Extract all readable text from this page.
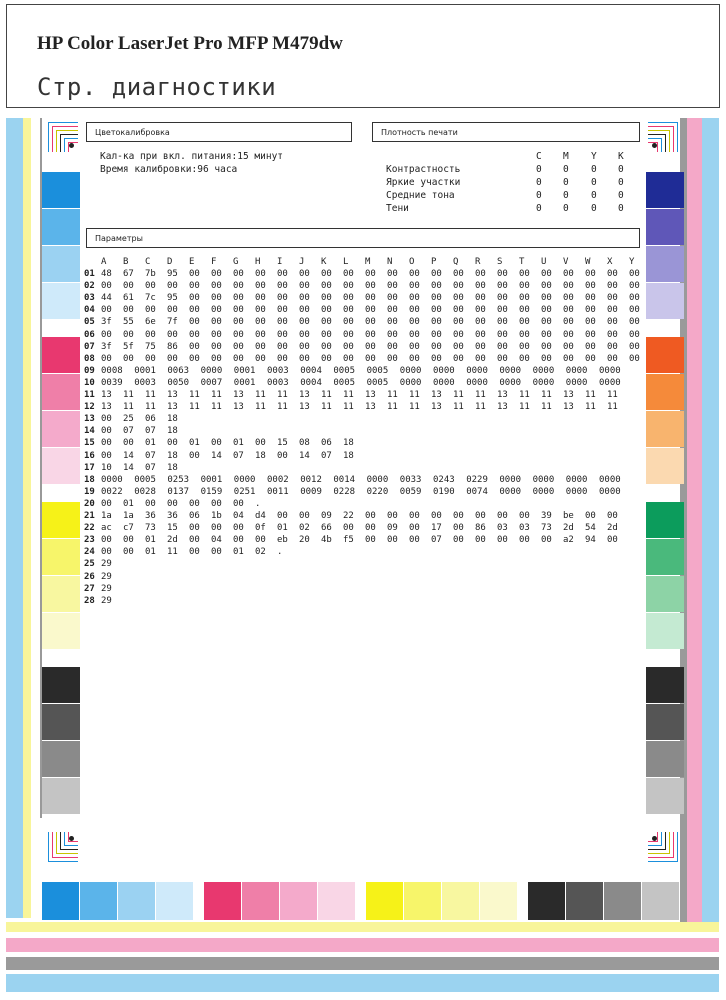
HP Color LaserJet Pro MFP M479dw
Стр. диагностики
Цветокалибровка	Плотность печати
Параметры
Кал-ка при вкл. питания:15 минут
Время калибровки:96 часа
C M Y K
Контрастность	0 0 0 0
Яркие участки	0 0 0 0
Средние тона	0 0 0 0
Тени	0 0 0 0
A B C D E F G H I J K L M N O P Q R S T U V W X Y
01 48 67 7b 95 00 00 00 00 00 00 00 00 00 00 00 00 00 00 00 00 00 00 00 00 00
02 00 00 00 00 00 00 00 00 00 00 00 00 00 00 00 00 00 00 00 00 00 00 00 00 00
03 44 61 7c 95 00 00 00 00 00 00 00 00 00 00 00 00 00 00 00 00 00 00 00 00 00
04 00 00 00 00 00 00 00 00 00 00 00 00 00 00 00 00 00 00 00 00 00 00 00 00 00
05 3f 55 6e 7f 00 00 00 00 00 00 00 00 00 00 00 00 00 00 00 00 00 00 00 00 00
06 00 00 00 00 00 00 00 00 00 00 00 00 00 00 00 00 00 00 00 00 00 00 00 00 00
07 3f 5f 75 86 00 00 00 00 00 00 00 00 00 00 00 00 00 00 00 00 00 00 00 00 00
08 00 00 00 00 00 00 00 00 00 00 00 00 00 00 00 00 00 00 00 00 00 00 00 00 00
09 0008 0001 0063 0000 0001 0003 0004 0005 0005 0000 0000 0000 0000 0000 0000 0000
10 0039 0003 0050 0007 0001 0003 0004 0005 0005 0000 0000 0000 0000 0000 0000 0000
11 13 11 11 13 11 11 13 11 11 13 11 11 13 11 11 13 11 11 13 11 11 13 11 11
12 13 11 11 13 11 11 13 11 11 13 11 11 13 11 11 13 11 11 13 11 11 13 11 11
13 00 25 06 18
14 00 07 07 18
15 00 00 01 00 01 00 01 00 15 08 06 18
16 00 14 07 18 00 14 07 18 00 14 07 18
17 10 14 07 18
18 0000 0005 0253 0001 0000 0002 0012 0014 0000 0033 0243 0229 0000 0000 0000 0000
19 0022 0028 0137 0159 0251 0011 0009 0228 0220 0059 0190 0074 0000 0000 0000 0000
20 00 01 00 00 00 00 00 .
21 1a 1a 36 36 06 1b 04 d4 00 00 09 22 00 00 00 00 00 00 00 00 39 be 00 00
22 ac c7 73 15 00 00 00 0f 01 02 66 00 00 09 00 17 00 86 03 03 73 2d 54 2d
23 00 00 01 2d 00 04 00 00 eb 20 4b f5 00 00 00 07 00 00 00 00 00 a2 94 00
24 00 00 01 11 00 00 01 02 .
25 29
26 29
27 29
28 29
